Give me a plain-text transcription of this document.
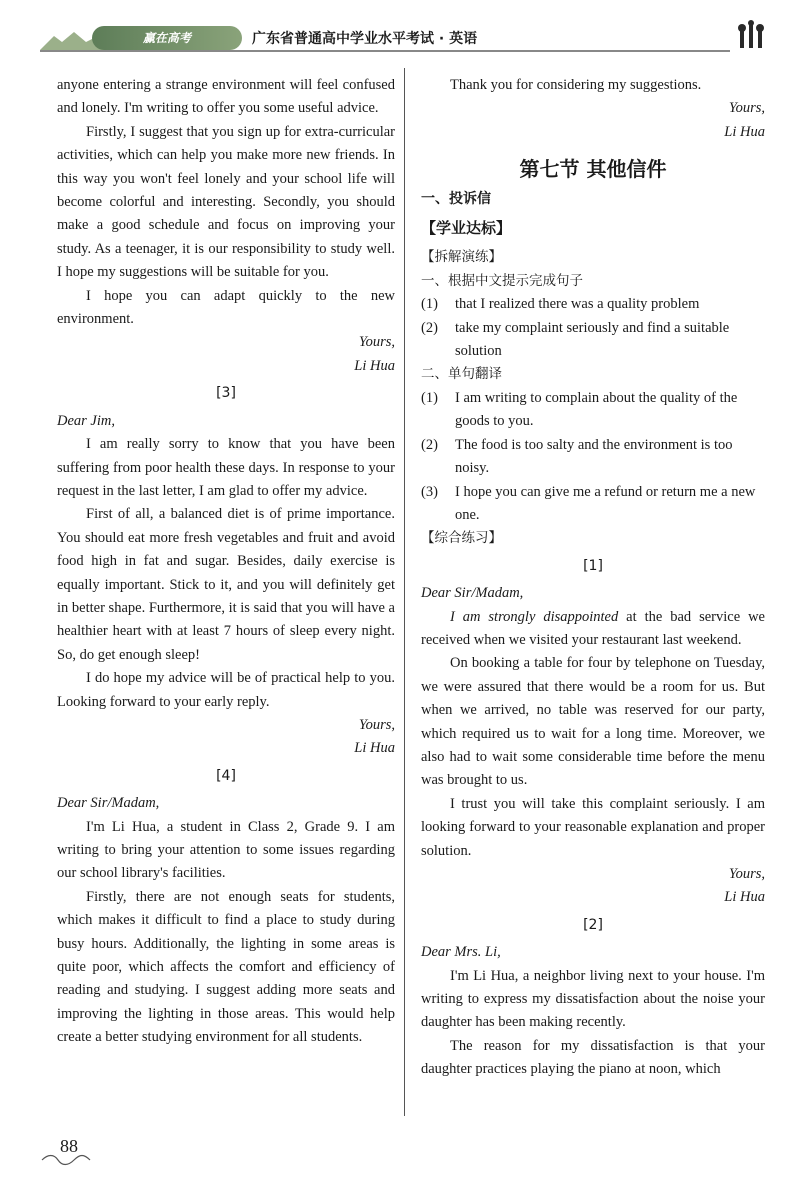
赢在高考	广东省普通高中学业水平考试 · 英语

anyone entering a strange environment will feel confused and lonely. I'm writing to offer you some useful advice.

Firstly, I suggest that you sign up for extra-curricular activities, which can help you make more new friends. In this way you won't feel lonely and your school life will become colorful and interesting. Secondly, you should make a good schedule and focus on improving your study. As a teenager, it is our responsibility to study well. I hope my suggestions will be suitable for you.

I hope you can adapt quickly to the new environment.

Yours,

Li Hua

[3]

Dear Jim,

I am really sorry to know that you have been suffering from poor health these days. In response to your request in the last letter, I am glad to offer my advice.

First of all, a balanced diet is of prime importance. You should eat more fresh vegetables and fruit and avoid food high in fat and sugar. Besides, daily exercise is equally important. Stick to it, and you will definitely get in better shape. Furthermore, it is said that you will have a healthier heart with at least 7 hours of sleep every night. So, do get enough sleep!

I do hope my advice will be of practical help to you. Looking forward to your early reply.

Yours,

Li Hua

[4]

Dear Sir/Madam,

I'm Li Hua, a student in Class 2, Grade 9. I am writing to bring your attention to some issues regarding our school library's facilities.

Firstly, there are not enough seats for students, which makes it difficult to find a place to study during busy hours. Additionally, the lighting in some areas is quite poor, which affects the comfort and efficiency of reading and studying. I suggest adding more seats and improving the lighting in those areas. This would help create a better studying environment for all students.

Thank you for considering my suggestions.

Yours,

Li Hua

第七节 其他信件

一、投诉信

【学业达标】

【拆解演练】

一、根据中文提示完成句子

(1)	that I realized there was a quality problem
(2)	take my complaint seriously and find a suitable solution

二、单句翻译

(1)	I am writing to complain about the quality of the goods to you.
(2)	The food is too salty and the environment is too noisy.
(3)	I hope you can give me a refund or return me a new one.

【综合练习】

[1]

Dear Sir/Madam,

I am strongly disappointed at the bad service we received when we visited your restaurant last weekend.

On booking a table for four by telephone on Tuesday, we were assured that there would be a room for us. But when we arrived, no table was reserved for our party, which required us to wait for a long time. Moreover, we also had to wait some considerable time before the menu was brought to us.

I trust you will take this complaint seriously. I am looking forward to your reasonable explanation and proper solution.

Yours,

Li Hua

[2]

Dear Mrs. Li,

I'm Li Hua, a neighbor living next to your house. I'm writing to express my dissatisfaction about the noise your daughter has been making recently.

The reason for my dissatisfaction is that your daughter practices playing the piano at noon, which

88
